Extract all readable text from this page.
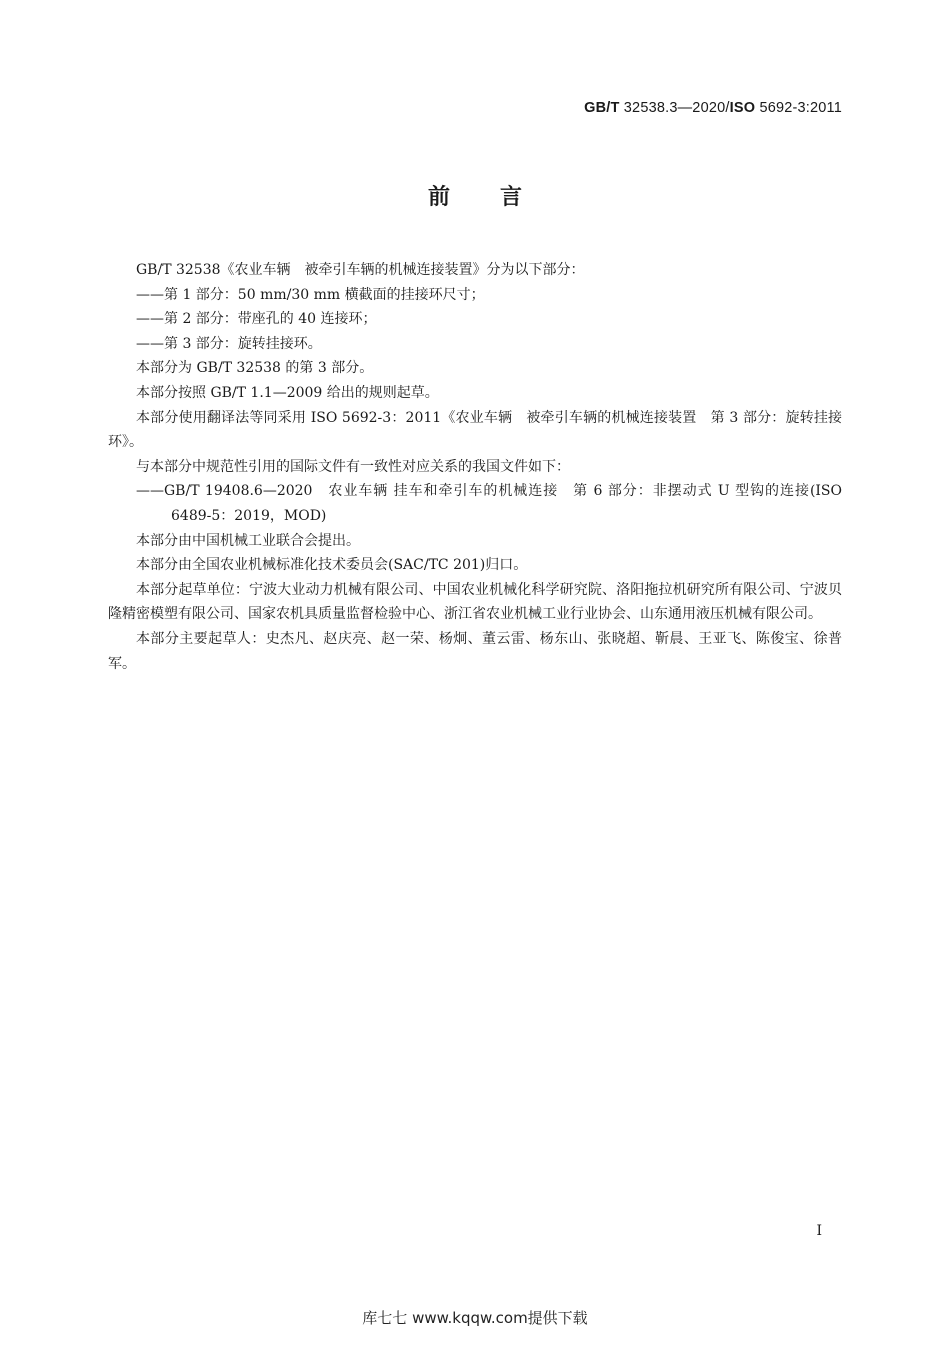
GB/T 32538.3—2020/ISO 5692-3:2011
前言
GB/T 32538《农业车辆　被牵引车辆的机械连接装置》分为以下部分：
——第 1 部分：50 mm/30 mm 横截面的挂接环尺寸；
——第 2 部分：带座孔的 40 连接环；
——第 3 部分：旋转挂接环。
本部分为 GB/T 32538 的第 3 部分。
本部分按照 GB/T 1.1—2009 给出的规则起草。
本部分使用翻译法等同采用 ISO 5692-3：2011《农业车辆　被牵引车辆的机械连接装置　第 3 部分：旋转挂接环》。
与本部分中规范性引用的国际文件有一致性对应关系的我国文件如下：
——GB/T 19408.6—2020　农业车辆 挂车和牵引车的机械连接　第 6 部分：非摆动式 U 型钩的连接(ISO 6489-5：2019，MOD)
本部分由中国机械工业联合会提出。
本部分由全国农业机械标准化技术委员会(SAC/TC 201)归口。
本部分起草单位：宁波大业动力机械有限公司、中国农业机械化科学研究院、洛阳拖拉机研究所有限公司、宁波贝隆精密模塑有限公司、国家农机具质量监督检验中心、浙江省农业机械工业行业协会、山东通用液压机械有限公司。
本部分主要起草人：史杰凡、赵庆亮、赵一荣、杨炯、董云雷、杨东山、张晓超、靳晨、王亚飞、陈俊宝、徐普军。
I
库七七 www.kqqw.com提供下载
